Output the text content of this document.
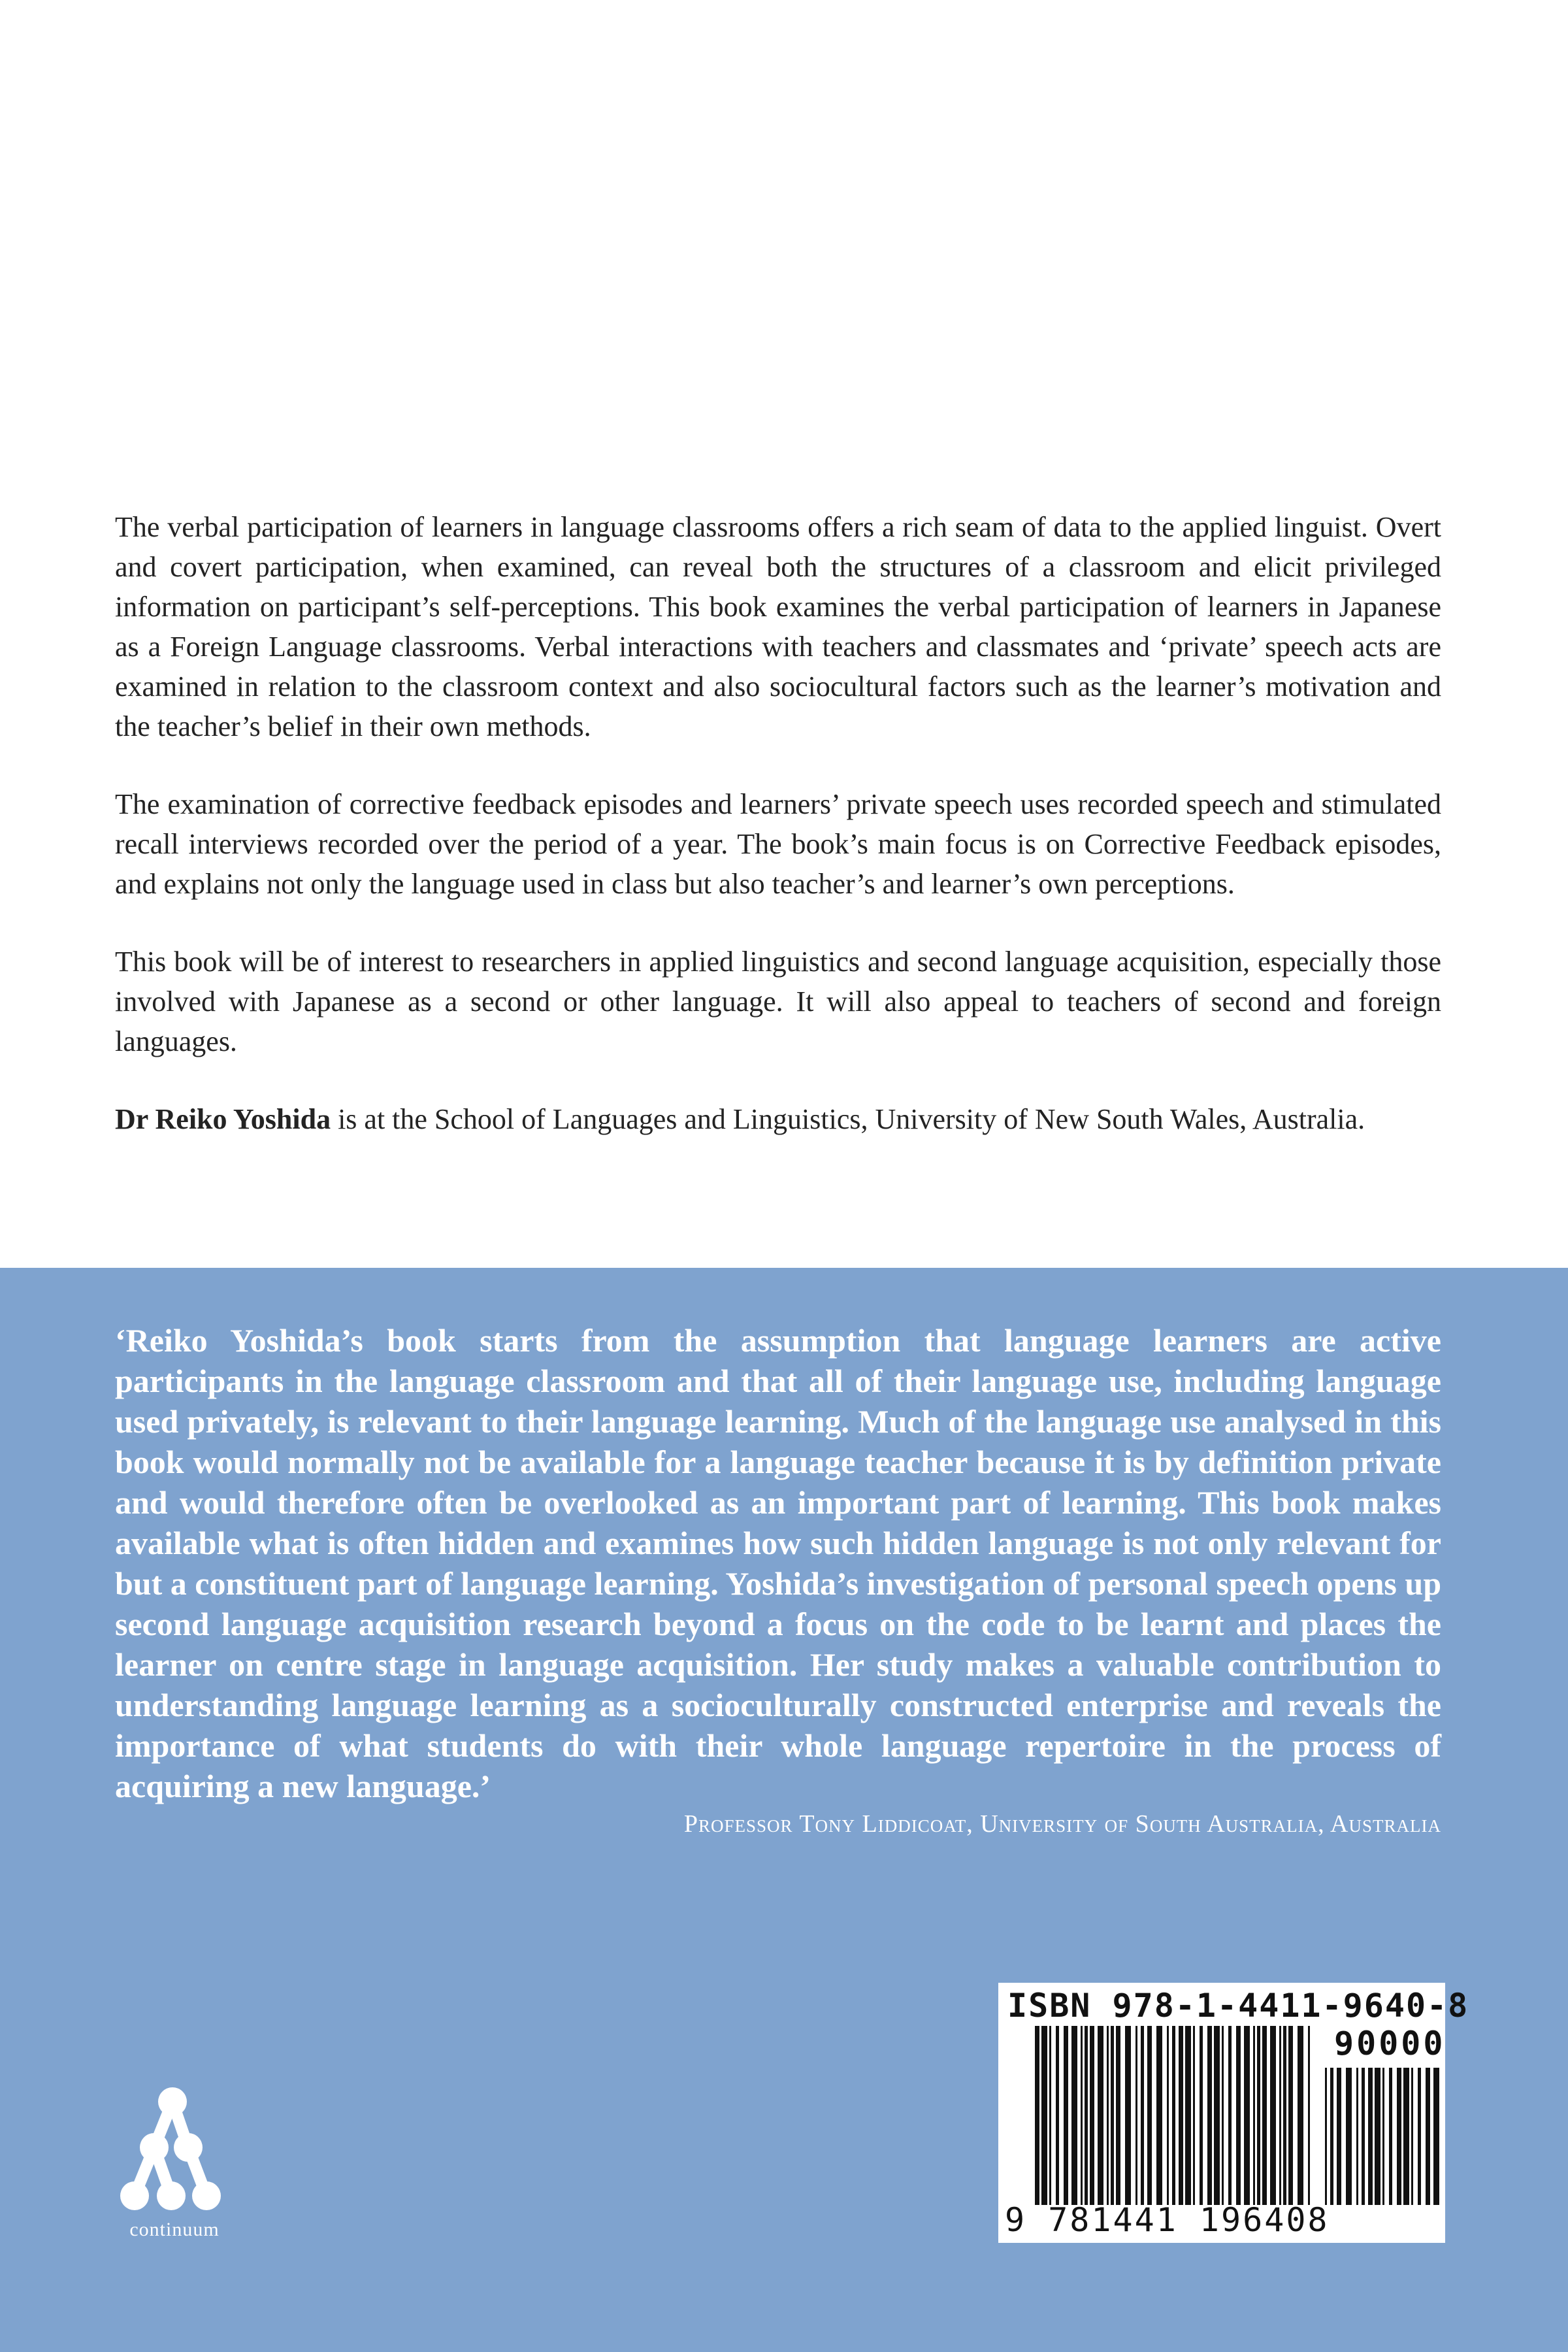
The verbal participation of learners in language classrooms offers a rich seam of data to the applied linguist. Overt and covert participation, when examined, can reveal both the structures of a classroom and elicit privileged information on participant’s self-perceptions. This book examines the verbal participation of learners in Japanese as a Foreign Language classrooms. Verbal interactions with teachers and classmates and ‘private’ speech acts are examined in relation to the classroom context and also sociocultural factors such as the learner’s motivation and the teacher’s belief in their own methods.

The examination of corrective feedback episodes and learners’ private speech uses recorded speech and stimulated recall interviews recorded over the period of a year. The book’s main focus is on Corrective Feedback episodes, and explains not only the language used in class but also teacher’s and learner’s own perceptions.

This book will be of interest to researchers in applied linguistics and second language acquisition, especially those involved with Japanese as a second or other language. It will also appeal to teachers of second and foreign languages.

Dr Reiko Yoshida is at the School of Languages and Linguistics, University of New South Wales, Australia.

‘Reiko Yoshida’s book starts from the assumption that language learners are active participants in the language classroom and that all of their language use, including language used privately, is relevant to their language learning. Much of the language use analysed in this book would normally not be available for a language teacher because it is by definition private and would therefore often be overlooked as an important part of learning. This book makes available what is often hidden and examines how such hidden language is not only relevant for but a constituent part of language learning. Yoshida’s investigation of personal speech opens up second language acquisition research beyond a focus on the code to be learnt and places the learner on centre stage in language acquisition. Her study makes a valuable contribution to understanding language learning as a socioculturally constructed enterprise and reveals the importance of what students do with their whole language repertoire in the process of acquiring a new language.’

Professor Tony Liddicoat, University of South Australia, Australia
continuum
ISBN 978-1-4411-9640-8
90000
9 781441 196408
